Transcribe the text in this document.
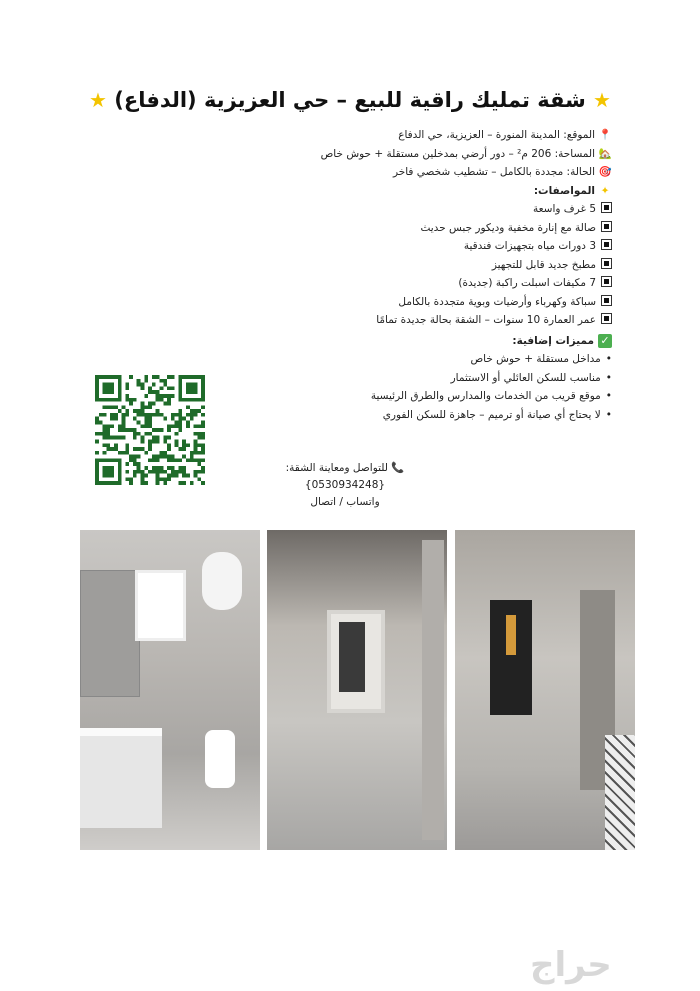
★ شقة تمليك راقية للبيع – حي العزيزية (الدفاع) ★
📍الموقع: المدينة المنورة – العزيزية، حي الدفاع
🏡المساحة: 206 م² – دور أرضي بمدخلين مستقلة + حوش خاص
🎯الحالة: مجددة بالكامل – تشطيب شخصي فاخر
✦المواصفات:
5 غرف واسعة
صالة مع إنارة مخفية وديكور جبس حديث
3 دورات مياه بتجهيزات فندقية
مطبخ جديد قابل للتجهيز
7 مكيفات اسبلت راكبة (جديدة)
سباكة وكهرباء وأرضيات وبوية متجددة بالكامل
عمر العمارة 10 سنوات – الشقة بحالة جديدة تمامًا
✓مميزات إضافية:
•مداخل مستقلة + حوش خاص
•مناسب للسكن العائلي أو الاستثمار
•موقع قريب من الخدمات والمدارس والطرق الرئيسية
•لا يحتاج أي صيانة أو ترميم – جاهزة للسكن الفوري
📞 للتواصل ومعاينة الشقة:
{0530934248}
واتساب / اتصال
حراج
